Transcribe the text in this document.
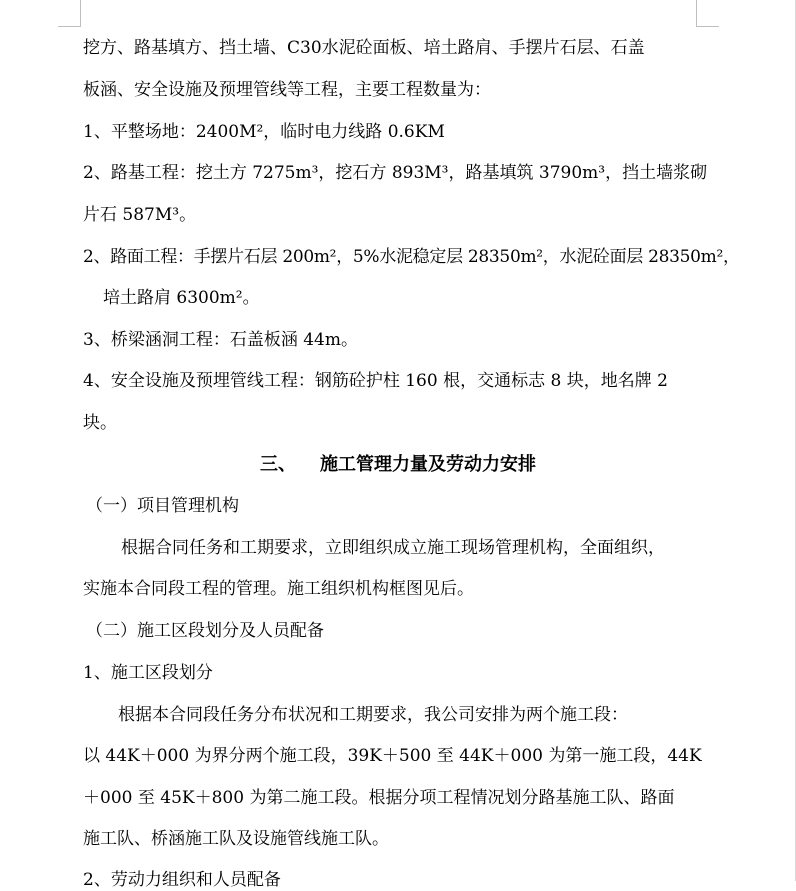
挖方、路基填方、挡土墙、C30水泥砼面板、培土路肩、手摆片石层、石盖
板涵、安全设施及预埋管线等工程，主要工程数量为：
1、平整场地：2400M²，临时电力线路 0.6KM
2、路基工程：挖土方 7275m³，挖石方 893M³，路基填筑 3790m³，挡土墙浆砌
片石 587M³。
2、路面工程：手摆片石层 200m²，5%水泥稳定层 28350m²，水泥砼面层 28350m²，
培土路肩 6300m²。
3、桥梁涵洞工程：石盖板涵 44m。
4、安全设施及预埋管线工程：钢筋砼护柱 160 根，交通标志 8 块，地名牌 2
块。
三、 施工管理力量及劳动力安排
（一）项目管理机构
根据合同任务和工期要求，立即组织成立施工现场管理机构，全面组织，
实施本合同段工程的管理。施工组织机构框图见后。
（二）施工区段划分及人员配备
1、施工区段划分
根据本合同段任务分布状况和工期要求，我公司安排为两个施工段：
以 44K＋000 为界分两个施工段，39K＋500 至 44K＋000 为第一施工段，44K
＋000 至 45K＋800 为第二施工段。根据分项工程情况划分路基施工队、路面
施工队、桥涵施工队及设施管线施工队。
2、劳动力组织和人员配备
